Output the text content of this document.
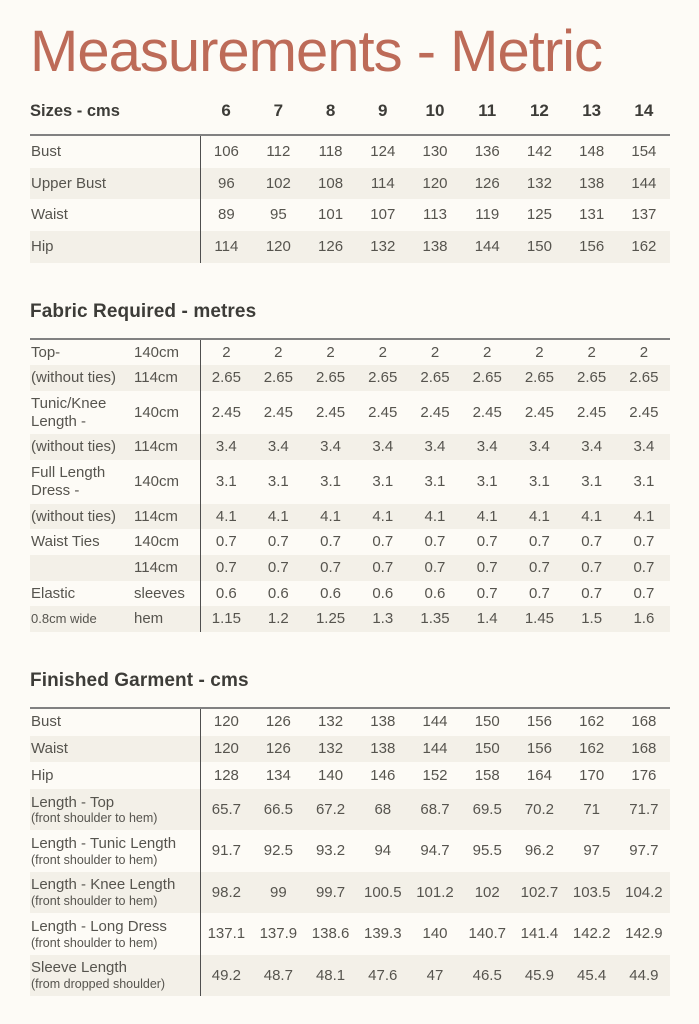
Measurements - Metric
Sizes - cms	6	7	8	9	10	11	12	13	14

Bust	106	112	118	124	130	136	142	148	154

Upper Bust	96	102	108	114	120	126	132	138	144

Waist	89	95	101	107	113	119	125	131	137

Hip	114	120	126	132	138	144	150	156	162
Fabric Required - metres
Top-	140cm	2	2	2	2	2	2	2	2	2
(without ties)	114cm	2.65	2.65	2.65	2.65	2.65	2.65	2.65	2.65	2.65
Tunic/Knee Length -	140cm	2.45	2.45	2.45	2.45	2.45	2.45	2.45	2.45	2.45
(without ties)	114cm	3.4	3.4	3.4	3.4	3.4	3.4	3.4	3.4	3.4
Full Length Dress -	140cm	3.1	3.1	3.1	3.1	3.1	3.1	3.1	3.1	3.1
(without ties)	114cm	4.1	4.1	4.1	4.1	4.1	4.1	4.1	4.1	4.1
Waist Ties	140cm	0.7	0.7	0.7	0.7	0.7	0.7	0.7	0.7	0.7
	114cm	0.7	0.7	0.7	0.7	0.7	0.7	0.7	0.7	0.7
Elastic	sleeves	0.6	0.6	0.6	0.6	0.6	0.7	0.7	0.7	0.7
0.8cm wide	hem	1.15	1.2	1.25	1.3	1.35	1.4	1.45	1.5	1.6
Finished Garment - cms
Bust	120	126	132	138	144	150	156	162	168

Waist	120	126	132	138	144	150	156	162	168

Hip	128	134	140	146	152	158	164	170	176

Length - Top
(front shoulder to hem)	65.7	66.5	67.2	68	68.7	69.5	70.2	71	71.7

Length - Tunic Length
(front shoulder to hem)	91.7	92.5	93.2	94	94.7	95.5	96.2	97	97.7

Length - Knee Length
(front shoulder to hem)	98.2	99	99.7	100.5	101.2	102	102.7	103.5	104.2

Length - Long Dress
(front shoulder to hem)	137.1	137.9	138.6	139.3	140	140.7	141.4	142.2	142.9

Sleeve Length
(from dropped shoulder)	49.2	48.7	48.1	47.6	47	46.5	45.9	45.4	44.9
